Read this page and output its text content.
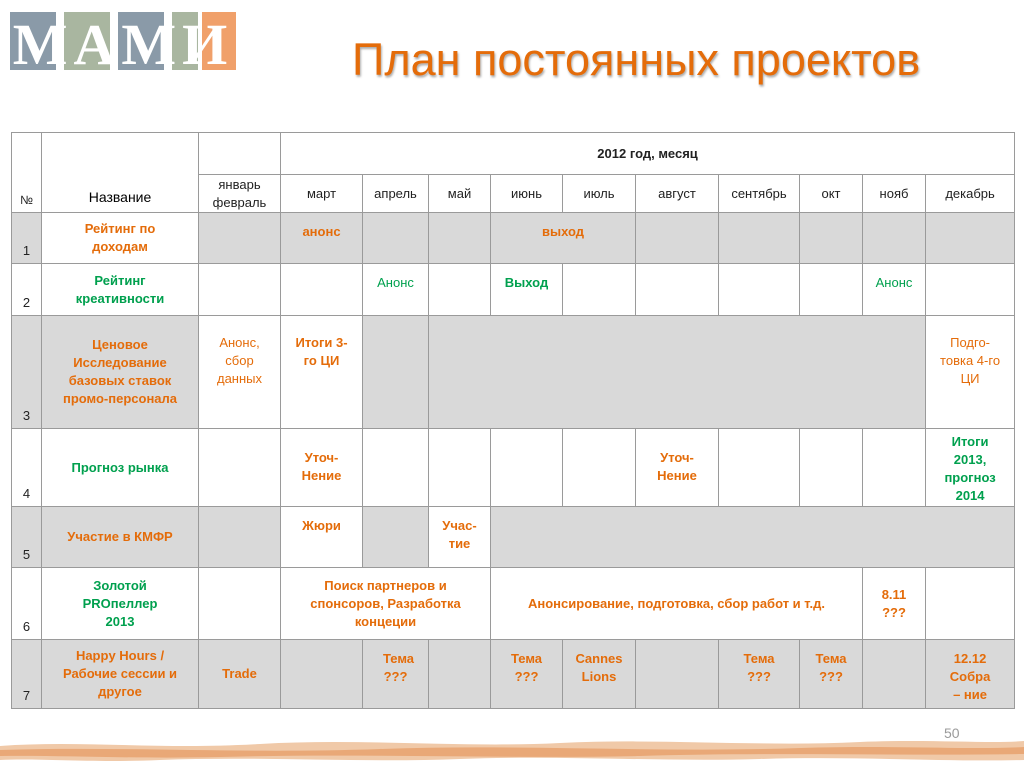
МАМИ	План постоянных проектов
№	Название		2012 год, месяц									
		январь февраль	март	апрель	май	июнь	июль	август	сентябрь	окт	нояб	декабрь
1	Рейтинг по доходам		анонс			выход						
2	Рейтинг креативности			Анонс		Выход					Анонс	
3	Ценовое Исследование базовых ставок промо-персонала	Анонс, сбор данных	Итоги 3-го ЦИ									Подго-товка 4-го ЦИ
4	Прогноз рынка		Уточ-Нение					Уточ-Нение				Итоги 2013, прогноз 2014
5	Участие в КМФР		Жюри		Учас-тие							
6	Золотой PROпеллер 2013		Поиск партнеров и спонсоров, Разработка концеции			Анонсирование, подготовка, сбор работ и т.д.					8.11 ???	
7	Happy Hours / Рабочие сессии и другое	Trade		Тема ???		Тема ???	Cannes Lions		Тема ???	Тема ???		12.12 Собра – ние
50
